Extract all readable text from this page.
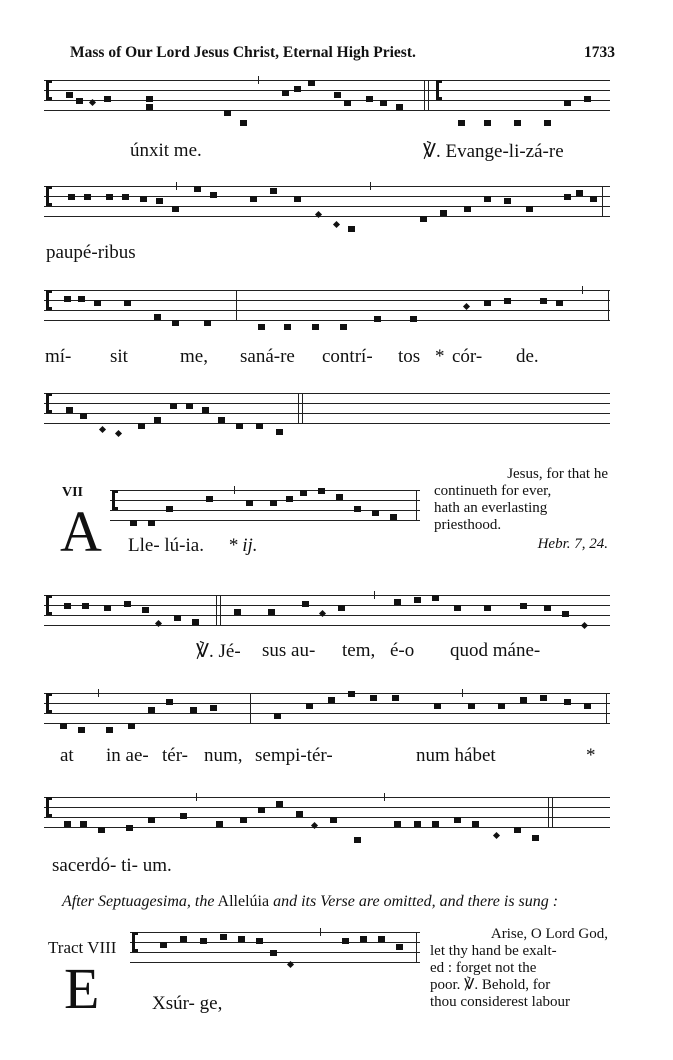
Mass of Our Lord Jesus Christ, Eternal High Priest.	1733
únxit me.	℣. Evange-li-zá-re
paupé-ribus
mí- sit	me, saná-re contrí- tos * cór- de.
VII
A Lle- lú-ia. * ij.
Jesus, for that he
continueth for ever,
hath an everlasting
priesthood.
Hebr. 7, 24.
℣. Jé- sus au- tem, é-o quod máne-
at in ae- tér- num, sempi-tér-	num hábet	*
sacerdó- ti- um.
After Septuagesima, the Allelúia and its Verse are omitted, and there is sung :
Tract VIII
E	Xsúr- ge,
Arise, O Lord God,
let thy hand be exalt-
ed : forget not the
poor. ℣. Behold, for
thou considerest labour
